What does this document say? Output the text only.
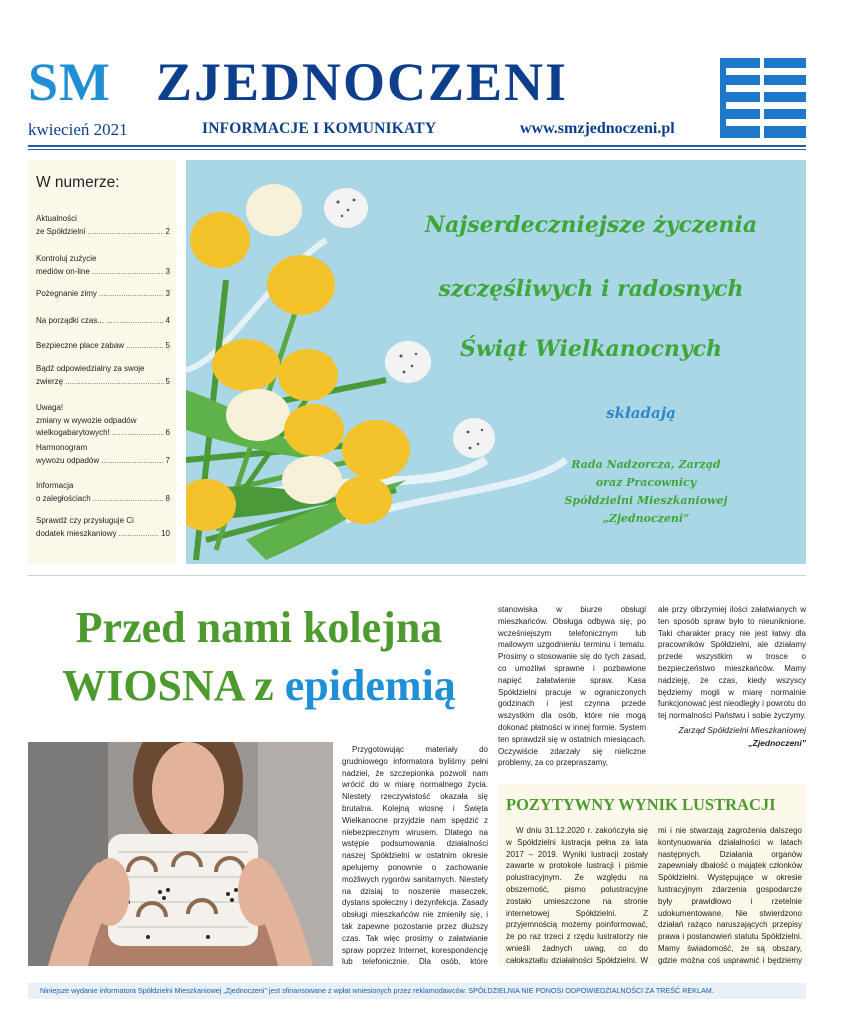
SM ZJEDNOCZENI
kwiecień 2021	INFORMACJE I KOMUNIKATY	www.smzjednoczeni.pl
W numerze:
Aktualności
ze Spółdzielni .....	2
Kontroluj zużycie
mediów on-line .....	3
Pożegnanie zimy .....	3
Na porządki czas... .....	4
Bezpieczne place zabaw .....	5
Bądź odpowiedzialny za swoje
zwierzę .....	5
Uwaga!
zmiany w wywozie odpadów
wielkogabarytowych! .....	6
Harmonogram
wywozu odpadów .....	7
Informacja
o zaległościach .....	8
Sprawdź czy przysługuje Ci
dodatek mieszkaniowy .....	10
Najserdeczniejsze życzenia
szczęśliwych i radosnych
Świąt Wielkanocnych
składają
Rada Nadzorcza, Zarząd
oraz Pracownicy
Spółdzielni Mieszkaniowej
„Zjednoczeni”
Przed nami kolejna
WIOSNA z epidemią

Przygotowując materiały do grudniowego informatora byliśmy pełni nadziei, że szczepionka pozwoli nam wrócić do w miarę normalnego życia. Niestety rzeczywistość okazała się brutalna. Kolejną wiosnę i Święta Wielkanocne przyjdzie nam spędzić z niebezpiecznym wirusem. Dlatego na wstępie podsumowania działalności naszej Spółdzielni w ostatnim okresie apelujemy ponownie o zachowanie możliwych rygorów sanitarnych. Niestety na dzisiaj to noszenie maseczek, dystans społeczny i dezynfekcja. Zasady obsługi mieszkańców nie zmieniły się, i tak zapewne pozostanie przez dłuższy czas. Tak więc prosimy o załatwianie spraw poprzez Internet, korespondencję lub telefonicznie. Dla osób, które

stanowiska w biurze obsługi mieszkańców. Obsługa odbywa się, po wcześniejszym telefonicznym lub mailowym uzgodnieniu terminu i tematu. Prosimy o stosowanie się do tych zasad, co umożliwi sprawne i pozbawione napięć załatwienie spraw. Kasa Spółdzielni pracuje w ograniczonych godzinach i jest czynna przede wszystkim dla osób, które nie mogą dokonać płatności w innej formie. System ten sprawdził się w ostatnich miesiącach. Oczywiście zdarzały się nieliczne problemy, za co przepraszamy,

ale przy olbrzymiej ilości załatwianych w ten sposób spraw było to nieuniknione. Taki charakter pracy nie jest łatwy dla pracowników Spółdzielni, ale działamy przede wszystkim w trosce o bezpieczeństwo mieszkańców. Mamy nadzieję, że czas, kiedy wszyscy będziemy mogli w miarę normalnie funkcjonować jest nieodległy i powrotu do tej normalności Państwu i sobie życzymy.

Zarząd Spółdzielni Mieszkaniowej
„Zjednoczeni”
POZYTYWNY WYNIK LUSTRACJI

W dniu 31.12.2020 r. zakończyła się w Spółdzielni lustracja pełna za lata 2017 – 2019. Wyniki lustracji zostały zawarte w protokole lustracji i piśmie polustracyjnym. Ze względu na obszerność, pismo polustracyjne zostało umieszczone na stronie internetowej Spółdzielni. Z przyjemnością możemy poinformować, że po raz trzeci z rzędu lustratorzy nie wnieśli żadnych uwag, co do całokształtu działalności Spółdzielni. W

mi i nie stwarzają zagrożenia dalszego kontynuowania działalności w latach następnych. Działania organów zapewniały dbałość o majątek członków Spółdzielni. Występujące w okresie lustracyjnym zdarzenia gospodarcze były prawidłowo i rzetelnie udokumentowane. Nie stwierdzono działań rażąco naruszających przepisy prawa i postanowień statutu Spółdzielni. Mamy świadomość, że są obszary, gdzie można coś usprawnić i będziemy

Niniejsze wydanie informatora Spółdzielni Mieszkaniowej „Zjednoczeni” jest sfinansowane z wpłat wniesionych przez reklamodawców. SPÓŁDZIELNIA NIE PONOSI ODPOWIEDZIALNOŚCI ZA TREŚĆ REKLAM.
